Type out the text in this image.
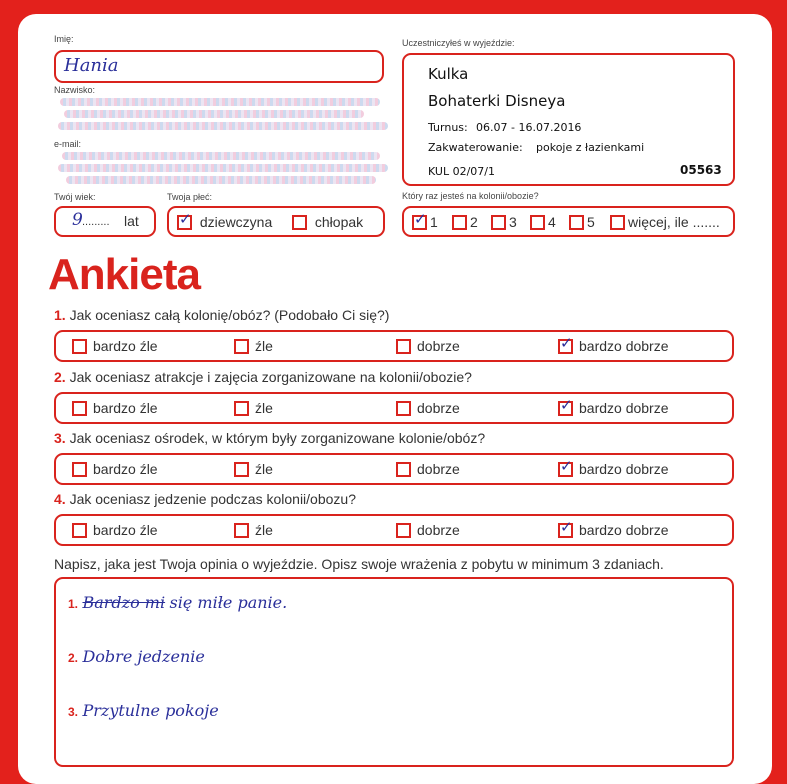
Imię:
Hania
Nazwisko:
e-mail:
Twój wiek:
9 ......... lat
Twoja płeć:
✓ dziewczyna	chłopak
Uczestniczyłeś w wyjeździe:
Kulka
Bohaterki Disneya
Turnus: 06.07 - 16.07.2016
Zakwaterowanie: pokoje z łazienkami
KUL 02/07/1	05563
Który raz jesteś na kolonii/obozie?
✓ 1	2	3	4	5	więcej, ile .......
Ankieta
1. Jak oceniasz całą kolonię/obóz? (Podobało Ci się?)
bardzo źle	źle	dobrze	✓ bardzo dobrze
2. Jak oceniasz atrakcje i zajęcia zorganizowane na kolonii/obozie?
bardzo źle	źle	dobrze	✓ bardzo dobrze
3. Jak oceniasz ośrodek, w którym były zorganizowane kolonie/obóz?
bardzo źle	źle	dobrze	✓ bardzo dobrze
4. Jak oceniasz jedzenie podczas kolonii/obozu?
bardzo źle	źle	dobrze	✓ bardzo dobrze
Napisz, jaka jest Twoja opinia o wyjeździe. Opisz swoje wrażenia z pobytu w minimum 3 zdaniach.
1. Bardzo mi się miłe panie.
2. Dobre jedzenie
3. Przytulne pokoje
